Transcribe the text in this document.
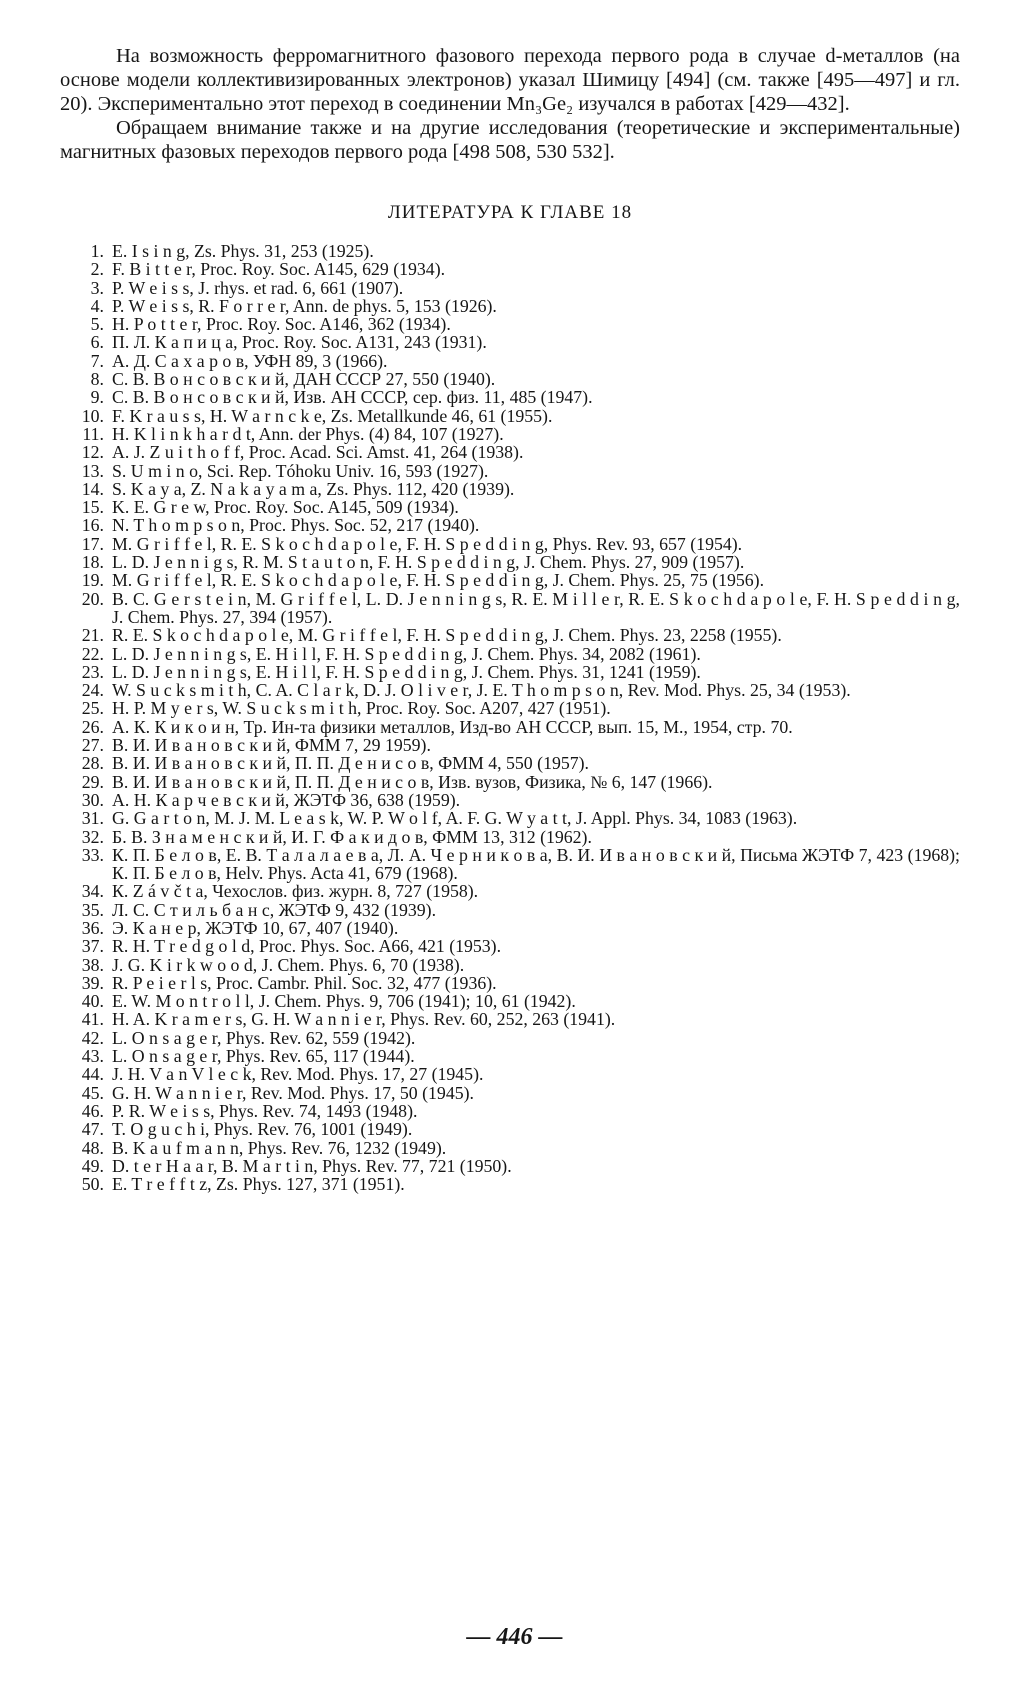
На возможность ферромагнитного фазового перехода первого рода в случае d-металлов (на основе модели коллективизированных электронов) указал Шимицу [494] (см. также [495—497] и гл. 20). Экспериментально этот переход в соединении Mn₃Ge₂ изучался в работах [429—432].

Обращаем внимание также и на другие исследования (теоретические и экспериментальные) магнитных фазовых переходов первого рода [498 508, 530 532].

ЛИТЕРАТУРА К ГЛАВЕ 18
1. E. I s i n g, Zs. Phys. 31, 253 (1925).
2. F. B i t t e r, Proc. Roy. Soc. A145, 629 (1934).
3. P. W e i s s, J. rhys. et rad. 6, 661 (1907).
4. P. W e i s s, R. F o r r e r, Ann. de phys. 5, 153 (1926).
5. H. P o t t e r, Proc. Roy. Soc. A146, 362 (1934).
6. П. Л. К а п и ц а, Proc. Roy. Soc. A131, 243 (1931).
7. А. Д. С а х а р о в, УФН 89, 3 (1966).
8. С. В. В о н с о в с к и й, ДАН СССР 27, 550 (1940).
9. С. В. В о н с о в с к и й, Изв. АН СССР, сер. физ. 11, 485 (1947).
10. F. K r a u s s, H. W a r n c k e, Zs. Metallkunde 46, 61 (1955).
11. H. K l i n k h a r d t, Ann. der Phys. (4) 84, 107 (1927).
12. A. J. Z u i t h o f f, Proc. Acad. Sci. Amst. 41, 264 (1938).
13. S. U m i n o, Sci. Rep. Tóhoku Univ. 16, 593 (1927).
14. S. K a y a, Z. N a k a y a m a, Zs. Phys. 112, 420 (1939).
15. K. E. G r e w, Proc. Roy. Soc. A145, 509 (1934).
16. N. T h o m p s o n, Proc. Phys. Soc. 52, 217 (1940).
17. M. G r i f f e l, R. E. S k o c h d a p o l e, F. H. S p e d d i n g, Phys. Rev. 93, 657 (1954).
18. L. D. J e n n i g s, R. M. S t a u t o n, F. H. S p e d d i n g, J. Chem. Phys. 27, 909 (1957).
19. M. G r i f f e l, R. E. S k o c h d a p o l e, F. H. S p e d d i n g, J. Chem. Phys. 25, 75 (1956).
20. B. C. G e r s t e i n, M. G r i f f e l, L. D. J e n n i n g s, R. E. M i l l e r, R. E. S k o c h d a p o l e, F. H. S p e d d i n g, J. Chem. Phys. 27, 394 (1957).
21. R. E. S k o c h d a p o l e, M. G r i f f e l, F. H. S p e d d i n g, J. Chem. Phys. 23, 2258 (1955).
22. L. D. J e n n i n g s, E. H i l l, F. H. S p e d d i n g, J. Chem. Phys. 34, 2082 (1961).
23. L. D. J e n n i n g s, E. H i l l, F. H. S p e d d i n g, J. Chem. Phys. 31, 1241 (1959).
24. W. S u c k s m i t h, C. A. C l a r k, D. J. O l i v e r, J. E. T h o m p s o n, Rev. Mod. Phys. 25, 34 (1953).
25. H. P. M y e r s, W. S u c k s m i t h, Proc. Roy. Soc. A207, 427 (1951).
26. А. К. К и к о и н, Тр. Ин-та физики металлов, Изд-во АН СССР, вып. 15, М., 1954, стр. 70.
27. В. И. И в а н о в с к и й, ФММ 7, 29 1959).
28. В. И. И в а н о в с к и й, П. П. Д е н и с о в, ФММ 4, 550 (1957).
29. В. И. И в а н о в с к и й, П. П. Д е н и с о в, Изв. вузов, Физика, № 6, 147 (1966).
30. А. Н. К а р ч е в с к и й, ЖЭТФ 36, 638 (1959).
31. G. G a r t o n, M. J. M. L e a s k, W. P. W o l f, A. F. G. W y a t t, J. Appl. Phys. 34, 1083 (1963).
32. Б. В. З н а м е н с к и й, И. Г. Ф а к и д о в, ФММ 13, 312 (1962).
33. К. П. Б е л о в, Е. В. Т а л а л а е в а, Л. А. Ч е р н и к о в а, В. И. И в а н о в с к и й, Письма ЖЭТФ 7, 423 (1968); К. П. Б е л о в, Helv. Phys. Acta 41, 679 (1968).
34. К. Z á v č t a, Чехослов. физ. журн. 8, 727 (1958).
35. Л. С. С т и л ь б а н с, ЖЭТФ 9, 432 (1939).
36. Э. К а н е р, ЖЭТФ 10, 67, 407 (1940).
37. R. H. T r e d g o l d, Proc. Phys. Soc. A66, 421 (1953).
38. J. G. K i r k w o o d, J. Chem. Phys. 6, 70 (1938).
39. R. P e i e r l s, Proc. Cambr. Phil. Soc. 32, 477 (1936).
40. E. W. M o n t r o l l, J. Chem. Phys. 9, 706 (1941); 10, 61 (1942).
41. H. A. K r a m e r s, G. H. W a n n i e r, Phys. Rev. 60, 252, 263 (1941).
42. L. O n s a g e r, Phys. Rev. 62, 559 (1942).
43. L. O n s a g e r, Phys. Rev. 65, 117 (1944).
44. J. H. V a n V l e c k, Rev. Mod. Phys. 17, 27 (1945).
45. G. H. W a n n i e r, Rev. Mod. Phys. 17, 50 (1945).
46. P. R. W e i s s, Phys. Rev. 74, 1493 (1948).
47. T. O g u c h i, Phys. Rev. 76, 1001 (1949).
48. B. K a u f m a n n, Phys. Rev. 76, 1232 (1949).
49. D. t e r H a a r, B. M a r t i n, Phys. Rev. 77, 721 (1950).
50. E. T r e f f t z, Zs. Phys. 127, 371 (1951).
— 446 —
